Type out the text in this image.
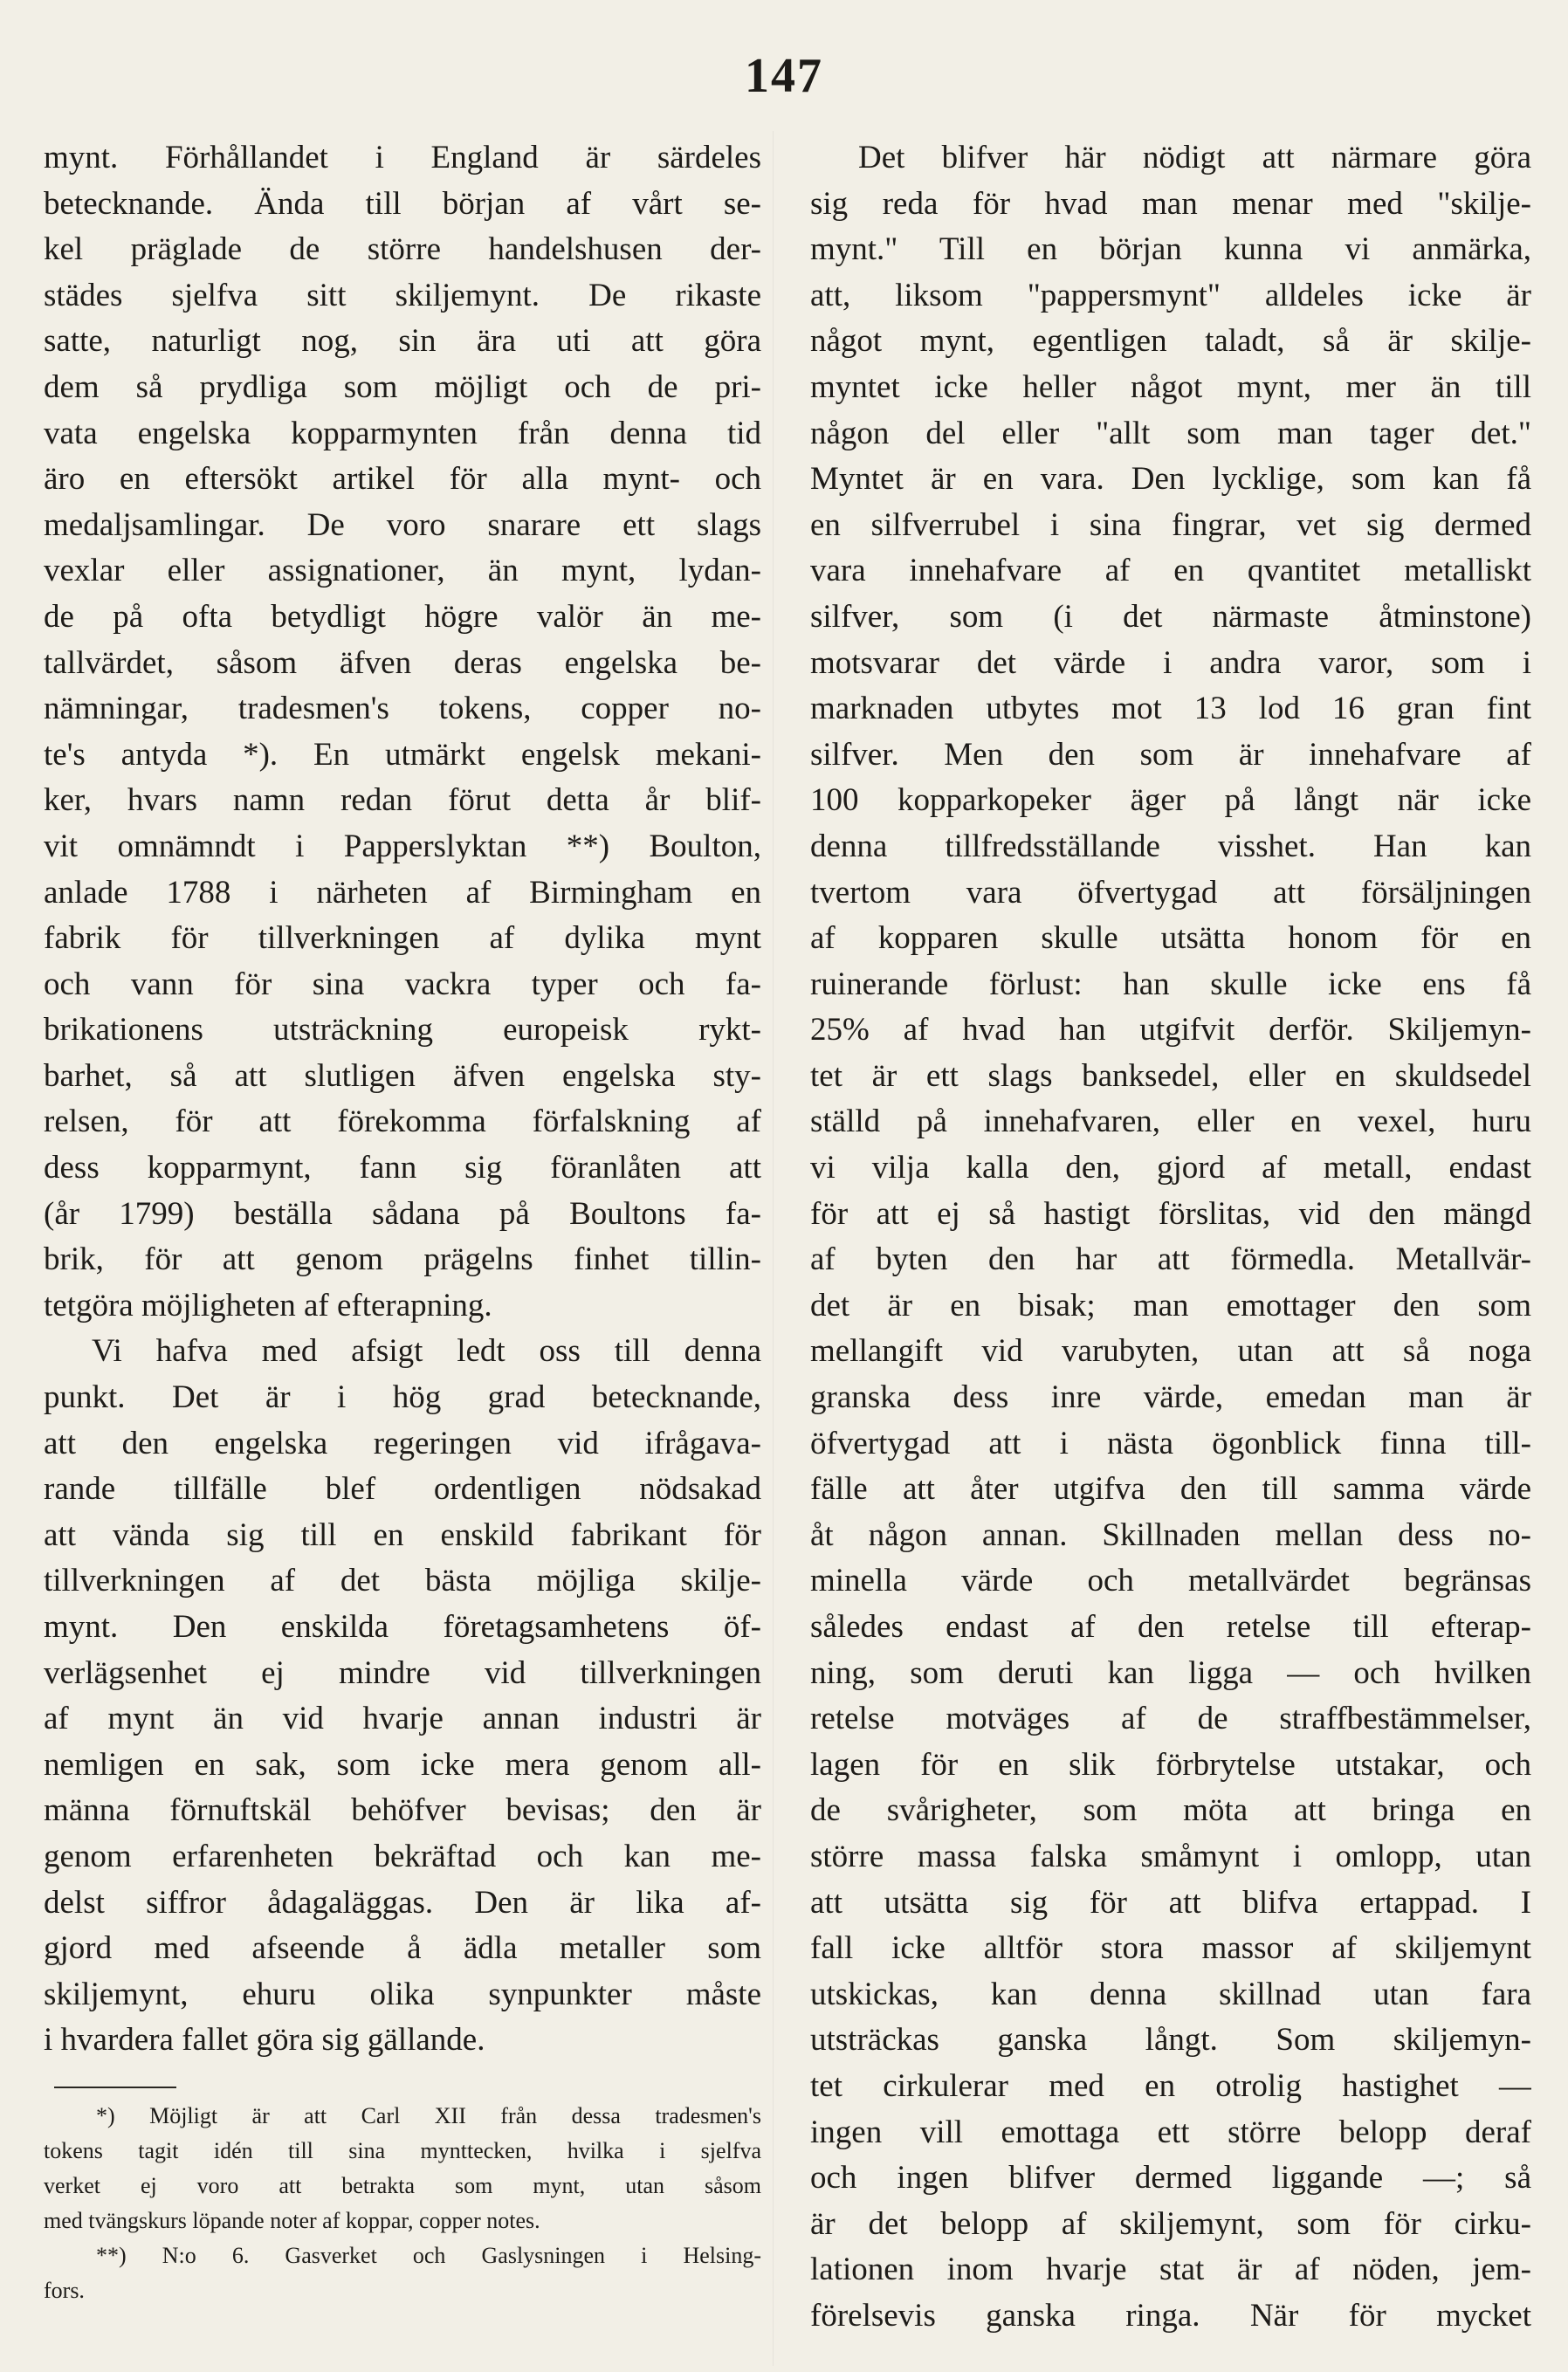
147
mynt. Förhållandet i England är särdeles
betecknande. Ända till början af vårt se-
kel präglade de större handelshusen der-
städes sjelfva sitt skiljemynt. De rikaste
satte, naturligt nog, sin ära uti att göra
dem så prydliga som möjligt och de pri-
vata engelska kopparmynten från denna tid
äro en eftersökt artikel för alla mynt- och
medaljsamlingar. De voro snarare ett slags
vexlar eller assignationer, än mynt, lydan-
de på ofta betydligt högre valör än me-
tallvärdet, såsom äfven deras engelska be-
nämningar, tradesmen's tokens, copper no-
te's antyda *). En utmärkt engelsk mekani-
ker, hvars namn redan förut detta år blif-
vit omnämndt i Papperslyktan **) Boulton,
anlade 1788 i närheten af Birmingham en
fabrik för tillverkningen af dylika mynt
och vann för sina vackra typer och fa-
brikationens utsträckning europeisk rykt-
barhet, så att slutligen äfven engelska sty-
relsen, för att förekomma förfalskning af
dess kopparmynt, fann sig föranlåten att
(år 1799) beställa sådana på Boultons fa-
brik, för att genom prägelns finhet tillin-
tetgöra möjligheten af efterapning.
Vi hafva med afsigt ledt oss till denna
punkt. Det är i hög grad betecknande,
att den engelska regeringen vid ifrågava-
rande tillfälle blef ordentligen nödsakad
att vända sig till en enskild fabrikant för
tillverkningen af det bästa möjliga skilje-
mynt. Den enskilda företagsamhetens öf-
verlägsenhet ej mindre vid tillverkningen
af mynt än vid hvarje annan industri är
nemligen en sak, som icke mera genom all-
männa förnuftskäl behöfver bevisas; den är
genom erfarenheten bekräftad och kan me-
delst siffror ådagaläggas. Den är lika af-
gjord med afseende å ädla metaller som
skiljemynt, ehuru olika synpunkter måste
i hvardera fallet göra sig gällande.
*) Möjligt är att Carl XII från dessa tradesmen's
tokens tagit idén till sina mynttecken, hvilka i sjelfva
verket ej voro att betrakta som mynt, utan såsom
med tvängskurs löpande noter af koppar, copper notes.
**) N:o 6. Gasverket och Gaslysningen i Helsing-
fors.
Det blifver här nödigt att närmare göra
sig reda för hvad man menar med "skilje-
mynt." Till en början kunna vi anmärka,
att, liksom "pappersmynt" alldeles icke är
något mynt, egentligen taladt, så är skilje-
myntet icke heller något mynt, mer än till
någon del eller "allt som man tager det."
Myntet är en vara. Den lycklige, som kan få
en silfverrubel i sina fingrar, vet sig dermed
vara innehafvare af en qvantitet metalliskt
silfver, som (i det närmaste åtminstone)
motsvarar det värde i andra varor, som i
marknaden utbytes mot 13 lod 16 gran fint
silfver. Men den som är innehafvare af
100 kopparkopeker äger på långt när icke
denna tillfredsställande visshet. Han kan
tvertom vara öfvertygad att försäljningen
af kopparen skulle utsätta honom för en
ruinerande förlust: han skulle icke ens få
25% af hvad han utgifvit derför. Skiljemyn-
tet är ett slags banksedel, eller en skuldsedel
ställd på innehafvaren, eller en vexel, huru
vi vilja kalla den, gjord af metall, endast
för att ej så hastigt förslitas, vid den mängd
af byten den har att förmedla. Metallvär-
det är en bisak; man emottager den som
mellangift vid varubyten, utan att så noga
granska dess inre värde, emedan man är
öfvertygad att i nästa ögonblick finna till-
fälle att åter utgifva den till samma värde
åt någon annan. Skillnaden mellan dess no-
minella värde och metallvärdet begränsas
således endast af den retelse till efterap-
ning, som deruti kan ligga — och hvilken
retelse motväges af de straffbestämmelser,
lagen för en slik förbrytelse utstakar, och
de svårigheter, som möta att bringa en
större massa falska småmynt i omlopp, utan
att utsätta sig för att blifva ertappad. I
fall icke alltför stora massor af skiljemynt
utskickas, kan denna skillnad utan fara
utsträckas ganska långt. Som skiljemyn-
tet cirkulerar med en otrolig hastighet —
ingen vill emottaga ett större belopp deraf
och ingen blifver dermed liggande —; så
är det belopp af skiljemynt, som för cirku-
lationen inom hvarje stat är af nöden, jem-
förelsevis ganska ringa. När för mycket
